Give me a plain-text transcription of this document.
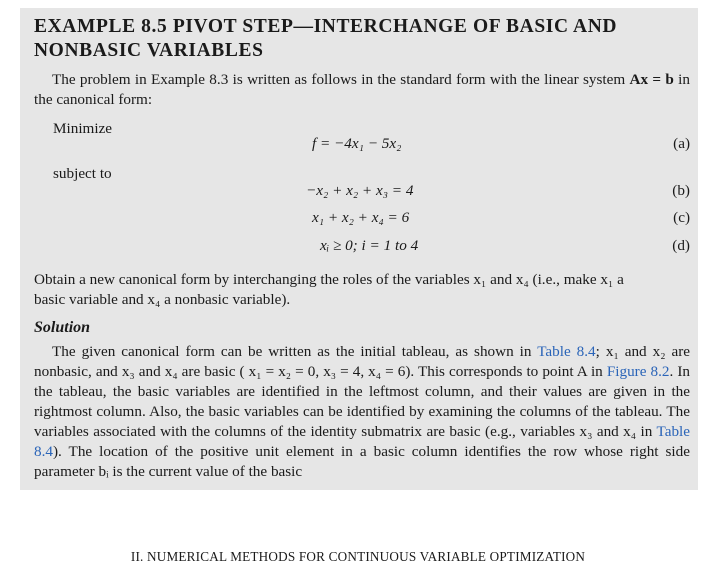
EXAMPLE 8.5 PIVOT STEP—INTERCHANGE OF BASIC AND
NONBASIC VARIABLES
The problem in Example 8.3 is written as follows in the standard form with the linear system Ax = b in the canonical form:
Minimize
f = −4x₁ − 5x₂	(a)
subject to
−x₂ + x₂ + x₃ = 4	(b)
x₁ + x₂ + x₄ = 6	(c)
xᵢ ≥ 0; i = 1 to 4	(d)
Obtain a new canonical form by interchanging the roles of the variables x₁ and x₄ (i.e., make x₁ a
basic variable and x₄ a nonbasic variable).
Solution
The given canonical form can be written as the initial tableau, as shown in Table 8.4; x₁ and x₂ are nonbasic, and x₃ and x₄ are basic ( x₁ = x₂ = 0, x₃ = 4, x₄ = 6). This corresponds to point A in Figure 8.2. In the tableau, the basic variables are identified in the leftmost column, and their values are given in the rightmost column. Also, the basic variables can be identified by examining the columns of the tableau. The variables associated with the columns of the identity submatrix are basic (e.g., variables x₃ and x₄ in Table 8.4). The location of the positive unit element in a basic column identifies the row whose right side parameter bᵢ is the current value of the basic
II. NUMERICAL METHODS FOR CONTINUOUS VARIABLE OPTIMIZATION
